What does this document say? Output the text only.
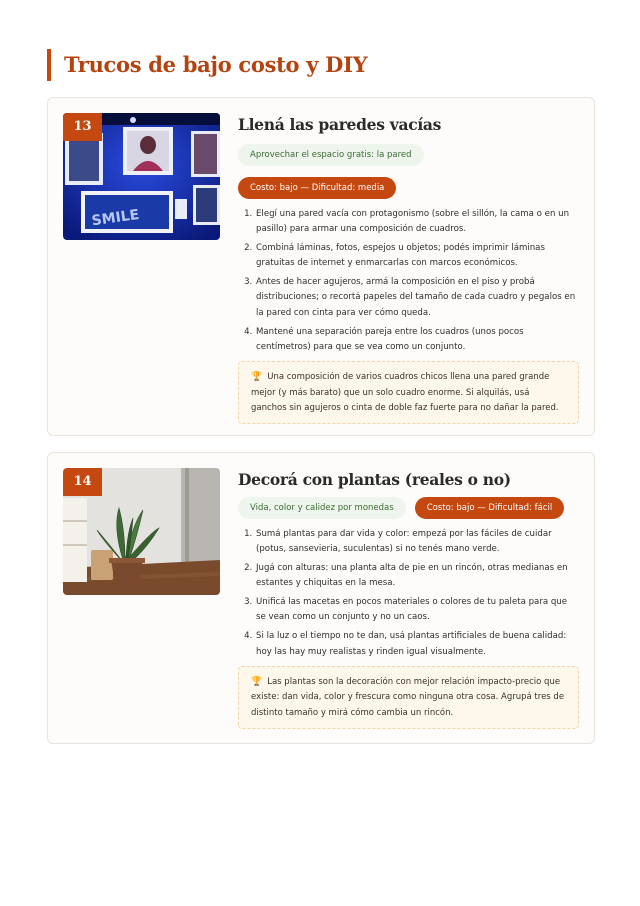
Trucos de bajo costo y DIY
13
SMILE
Llená las paredes vacías
Aprovechar el espacio gratis: la pared
Costo: bajo — Dificultad: media
1. Elegí una pared vacía con protagonismo (sobre el sillón, la cama o en un pasillo) para armar una composición de cuadros.
2. Combiná láminas, fotos, espejos u objetos; podés imprimir láminas gratuitas de internet y enmarcarlas con marcos económicos.
3. Antes de hacer agujeros, armá la composición en el piso y probá distribuciones; o recortá papeles del tamaño de cada cuadro y pegalos en la pared con cinta para ver cómo queda.
4. Mantené una separación pareja entre los cuadros (unos pocos centímetros) para que se vea como un conjunto.
🏆 Una composición de varios cuadros chicos llena una pared grande mejor (y más barato) que un solo cuadro enorme. Si alquilás, usá ganchos sin agujeros o cinta de doble faz fuerte para no dañar la pared.
14	Decorá con plantas (reales o no)
Vida, color y calidez por monedas	Costo: bajo — Dificultad: fácil
1. Sumá plantas para dar vida y color: empezá por las fáciles de cuidar (potus, sansevieria, suculentas) si no tenés mano verde.
2. Jugá con alturas: una planta alta de pie en un rincón, otras medianas en estantes y chiquitas en la mesa.
3. Unificá las macetas en pocos materiales o colores de tu paleta para que se vean como un conjunto y no un caos.
4. Si la luz o el tiempo no te dan, usá plantas artificiales de buena calidad: hoy las hay muy realistas y rinden igual visualmente.
🏆 Las plantas son la decoración con mejor relación impacto-precio que existe: dan vida, color y frescura como ninguna otra cosa. Agrupá tres de distinto tamaño y mirá cómo cambia un rincón.
